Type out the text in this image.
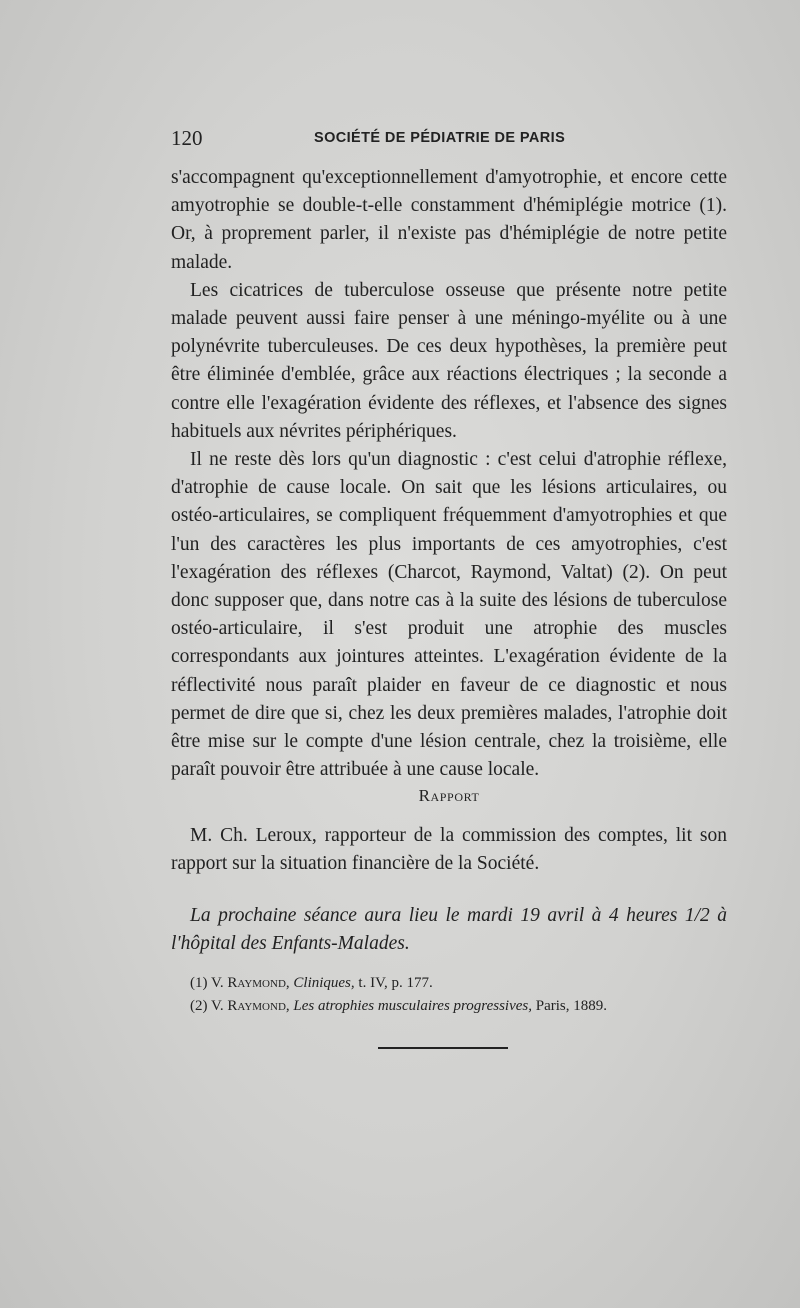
120	SOCIÉTÉ DE PÉDIATRIE DE PARIS

s'accompagnent qu'exceptionnellement d'amyotrophie, et encore cette amyotrophie se double-t-elle constamment d'hémiplégie motrice (1). Or, à proprement parler, il n'existe pas d'hémiplégie de notre petite malade.

Les cicatrices de tuberculose osseuse que présente notre petite malade peuvent aussi faire penser à une méningo-myélite ou à une polynévrite tuberculeuses. De ces deux hypothèses, la première peut être éliminée d'emblée, grâce aux réactions électriques ; la seconde a contre elle l'exagération évidente des réflexes, et l'absence des signes habituels aux névrites périphériques.

Il ne reste dès lors qu'un diagnostic : c'est celui d'atrophie réflexe, d'atrophie de cause locale. On sait que les lésions articulaires, ou ostéo-articulaires, se compliquent fréquemment d'amyotrophies et que l'un des caractères les plus importants de ces amyotrophies, c'est l'exagération des réflexes (Charcot, Raymond, Valtat) (2). On peut donc supposer que, dans notre cas à la suite des lésions de tuberculose ostéo-articulaire, il s'est produit une atrophie des muscles correspondants aux jointures atteintes. L'exagération évidente de la réflectivité nous paraît plaider en faveur de ce diagnostic et nous permet de dire que si, chez les deux premières malades, l'atrophie doit être mise sur le compte d'une lésion centrale, chez la troisième, elle paraît pouvoir être attribuée à une cause locale.

Rapport

M. Ch. Leroux, rapporteur de la commission des comptes, lit son rapport sur la situation financière de la Société.

La prochaine séance aura lieu le mardi 19 avril à 4 heures 1/2 à l'hôpital des Enfants-Malades.

(1) V. Raymond, Cliniques, t. IV, p. 177.
(2) V. Raymond, Les atrophies musculaires progressives, Paris, 1889.
